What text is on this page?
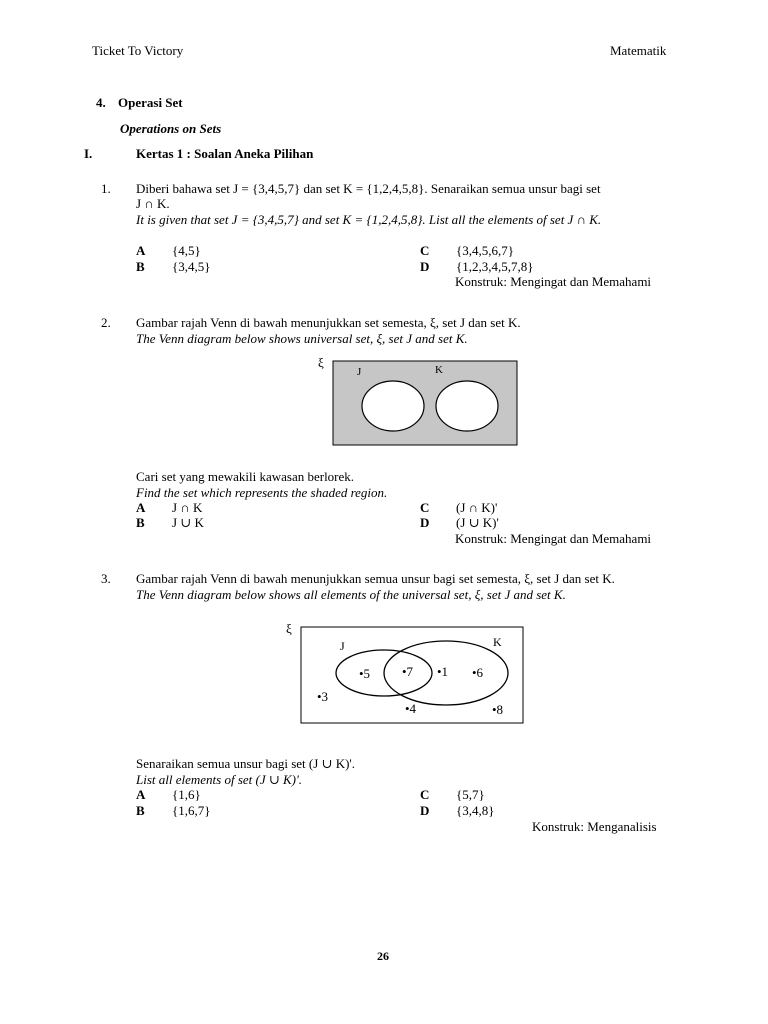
Ticket To Victory	Matematik
4. Operasi Set
Operations on Sets
I.	Kertas 1 : Soalan Aneka Pilihan
1. Diberi bahawa set J = {3,4,5,7} dan set K = {1,2,4,5,8}. Senaraikan semua unsur bagi set
J ∩ K.
It is given that set J = {3,4,5,7} and set K = {1,2,4,5,8}. List all the elements of set J ∩ K.
A {4,5}
B {3,4,5}
C {3,4,5,6,7}
D {1,2,3,4,5,7,8}
Konstruk: Mengingat dan Memahami
2. Gambar rajah Venn di bawah menunjukkan set semesta, ξ, set J dan set K.
The Venn diagram below shows universal set, ξ, set J and set K.
ξ
J	K
Cari set yang mewakili kawasan berlorek.
Find the set which represents the shaded region.
A J ∩ K
B J ∪ K
C (J ∩ K)'
D (J ∪ K)'
Konstruk: Mengingat dan Memahami
3. Gambar rajah Venn di bawah menunjukkan semua unsur bagi set semesta, ξ, set J dan set K.
The Venn diagram below shows all elements of the universal set, ξ, set J and set K.
ξ
J	K
•5 •7 •1 •6
•3
•4	•8
Senaraikan semua unsur bagi set (J ∪ K)'.
List all elements of set (J ∪ K)'.
A {1,6}
B {1,6,7}
C {5,7}
D {3,4,8}
Konstruk: Menganalisis
26
